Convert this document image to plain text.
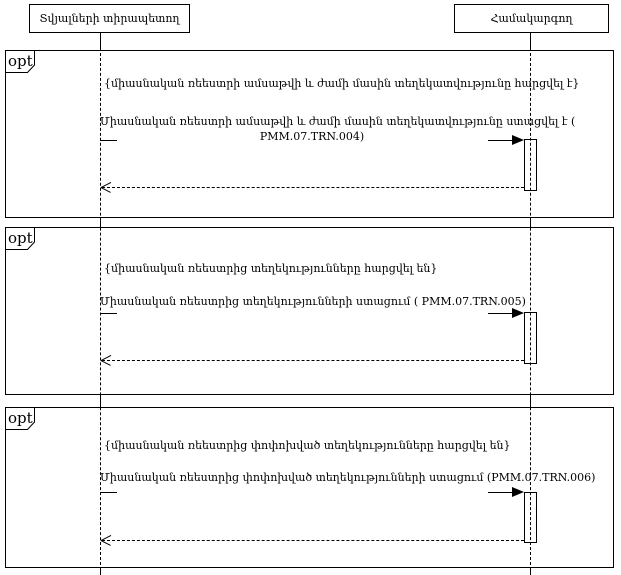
Տվյալների տիրապետող	Համակարգող
opt
opt
opt
{միասնական ռեեստրի ամսաթվի և ժամի մասին տեղեկատվությունը հարցվել է}
{միասնական ռեեստրից տեղեկությունները հարցվել են}
{միասնական ռեեստրից փոփոխված տեղեկությունները հարցվել են}
Միասնական ռեեստրի ամսաթվի և ժամի մասին տեղեկատվությունը ստացվել է (
PMM.07.TRN.004)
Միասնական ռեեստրից տեղեկությունների ստացում ( PMM.07.TRN.005)
Միասնական ռեեստրից փոփոխված տեղեկությունների ստացում (PMM.07.TRN.006)
